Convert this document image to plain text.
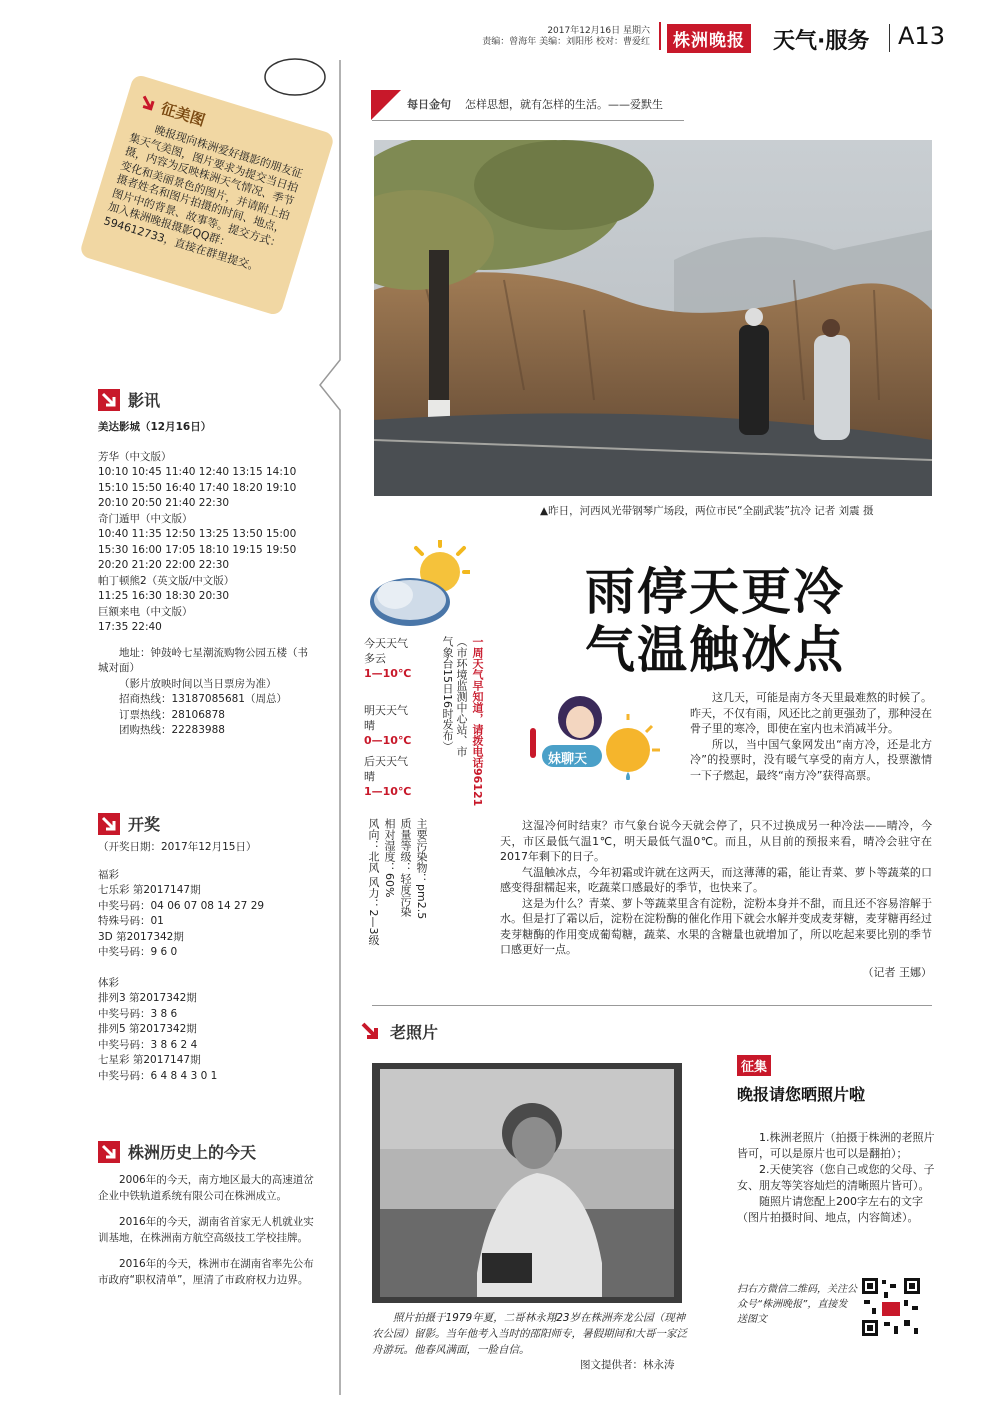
2017年12月16日 星期六
责编：曾海年 美编：刘阳彤 校对：曹爱红	株洲晚报 天气·服务 A13
征美图
晚报现向株洲爱好摄影的朋友征集天气美图，图片要求为提交当日拍摄，内容为反映株洲天气情况、季节变化和美丽景色的图片，并请附上拍摄者姓名和图片拍摄的时间、地点，图片中的背景、故事等。提交方式：加入株洲晚报摄影QQ群：594612733，直接在群里提交。
影讯
美达影城（12月16日）
芳华（中文版）
10:10 10:45 11:40 12:40 13:15 14:10
15:10 15:50 16:40 17:40 18:20 19:10
20:10 20:50 21:40 22:30
奇门遁甲（中文版）
10:40 11:35 12:50 13:25 13:50 15:00
15:30 16:00 17:05 18:10 19:15 19:50
20:20 21:20 22:00 22:30
帕丁顿熊2（英文版/中文版）
11:25 16:30 18:30 20:30
巨额来电（中文版）
17:35 22:40
地址：钟鼓岭七星潮流购物公园五楼（书城对面）
（影片放映时间以当日票房为准）
招商热线：13187085681（周总）
订票热线：28106878
团购热线：22283988
开奖
（开奖日期：2017年12月15日）
福彩
七乐彩 第2017147期
中奖号码：04 06 07 08 14 27 29
特殊号码：01
3D 第2017342期
中奖号码：9 6 0
体彩
排列3 第2017342期
中奖号码：3 8 6
排列5 第2017342期
中奖号码：3 8 6 2 4
七星彩 第2017147期
中奖号码：6 4 8 4 3 0 1
株洲历史上的今天

2006年的今天，南方地区最大的高速道岔企业中铁轨道系统有限公司在株洲成立。

2016年的今天，湖南省首家无人机就业实训基地，在株洲南方航空高级技工学校挂牌。

2016年的今天，株洲市在湖南省率先公布市政府“职权清单”，厘清了市政府权力边界。

每日金句 怎样思想，就有怎样的生活。——爱默生
▲昨日，河西风光带钢琴广场段，两位市民“全副武装”抗冷 记者 刘震 摄
今天天气
多云
1—10℃
明天天气
晴
0—10℃
后天天气
晴
1—10℃	一周天气早知道，请拨电话96121
（市环境监测中心站、市气象台15日16时发布）
主要污染物：pm2.5
质量等级：轻度污染
相对湿度：60%
风向：北风 风力：2—3级
雨停天更冷
气温触冰点
妹聊天

这几天，可能是南方冬天里最难熬的时候了。昨天，不仅有雨，风还比之前更强劲了，那种浸在骨子里的寒冷，即使在室内也未消减半分。

所以，当中国气象网发出“南方冷，还是北方冷”的投票时，没有暖气享受的南方人，投票激情一下子燃起，最终“南方冷”获得高票。

这湿冷何时结束？市气象台说今天就会停了，只不过换成另一种冷法——晴冷，今天，市区最低气温1℃，明天最低气温0℃。而且，从目前的预报来看，晴冷会驻守在2017年剩下的日子。

气温触冰点，今年初霜或许就在这两天，而这薄薄的霜，能让青菜、萝卜等蔬菜的口感变得甜糯起来，吃蔬菜口感最好的季节，也快来了。

这是为什么？青菜、萝卜等蔬菜里含有淀粉，淀粉本身并不甜，而且还不容易溶解于水。但是打了霜以后，淀粉在淀粉酶的催化作用下就会水解并变成麦芽糖，麦芽糖再经过麦芽糖酶的作用变成葡萄糖，蔬菜、水果的含糖量也就增加了，所以吃起来要比别的季节口感更好一点。

（记者 王娜）
老照片
照片拍摄于1979年夏，二哥林永翔23岁在株洲奔龙公园（现神农公园）留影。当年他考入当时的邵阳师专，暑假期间和大哥一家泛舟游玩。他春风满面，一脸自信。
图文提供者：林永涛
征集
晚报请您晒照片啦

1.株洲老照片（拍摄于株洲的老照片皆可，可以是原片也可以是翻拍）；

2.天使笑容（您自己或您的父母、子女、朋友等笑容灿烂的清晰照片皆可）。

随照片请您配上200字左右的文字（图片拍摄时间、地点，内容简述）。

扫右方微信二维码，关注公众号“株洲晚报”，直接发送图文
